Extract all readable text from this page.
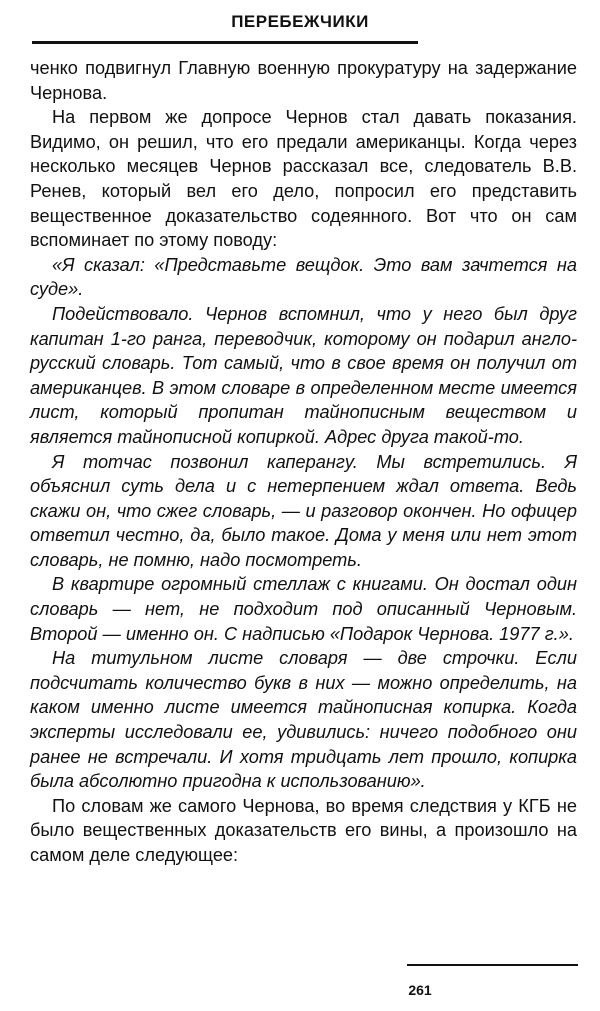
ПЕРЕБЕЖЧИКИ

ченко подвигнул Главную военную прокуратуру на задержание Чернова.

На первом же допросе Чернов стал давать показания. Видимо, он решил, что его предали американцы. Когда через несколько месяцев Чернов рассказал все, следователь В.В. Ренев, который вел его дело, попросил его представить вещественное доказательство содеянного. Вот что он сам вспоминает по этому поводу:

«Я сказал: «Представьте вещдок. Это вам зачтется на суде».

Подействовало. Чернов вспомнил, что у него был друг капитан 1-го ранга, переводчик, которому он подарил англо-русский словарь. Тот самый, что в свое время он получил от американцев. В этом словаре в определенном месте имеется лист, который пропитан тайнописным веществом и является тайнописной копиркой. Адрес друга такой-то.

Я тотчас позвонил каперангу. Мы встретились. Я объяснил суть дела и с нетерпением ждал ответа. Ведь скажи он, что сжег словарь, — и разговор окончен. Но офицер ответил честно, да, было такое. Дома у меня или нет этот словарь, не помню, надо посмотреть.

В квартире огромный стеллаж с книгами. Он достал один словарь — нет, не подходит под описанный Черновым. Второй — именно он. С надписью «Подарок Чернова. 1977 г.».

На титульном листе словаря — две строчки. Если подсчитать количество букв в них — можно определить, на каком именно листе имеется тайнописная копирка. Когда эксперты исследовали ее, удивились: ничего подобного они ранее не встречали. И хотя тридцать лет прошло, копирка была абсолютно пригодна к использованию».

По словам же самого Чернова, во время следствия у КГБ не было вещественных доказательств его вины, а произошло на самом деле следующее:

261
